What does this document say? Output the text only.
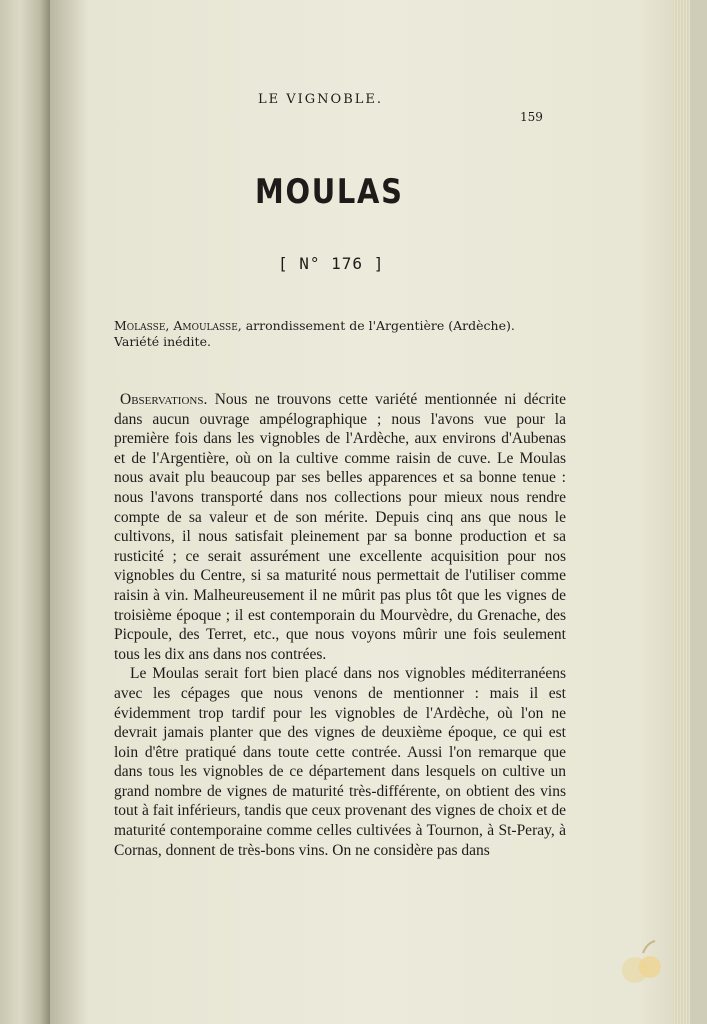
LE VIGNOBLE.
159
MOULAS
[ N° 176 ]
Molasse, Amoulasse, arrondissement de l'Argentière (Ardèche).
Variété inédite.

Observations. Nous ne trouvons cette variété mentionnée ni décrite dans aucun ouvrage ampélographique ; nous l'avons vue pour la première fois dans les vignobles de l'Ardèche, aux environs d'Aubenas et de l'Argentière, où on la cultive comme raisin de cuve. Le Moulas nous avait plu beaucoup par ses belles apparences et sa bonne tenue : nous l'avons transporté dans nos collections pour mieux nous rendre compte de sa valeur et de son mérite. Depuis cinq ans que nous le cultivons, il nous satisfait pleinement par sa bonne production et sa rusticité ; ce serait assurément une excellente acquisition pour nos vignobles du Centre, si sa maturité nous permettait de l'utiliser comme raisin à vin. Malheureusement il ne mûrit pas plus tôt que les vignes de troisième époque ; il est contemporain du Mourvèdre, du Grenache, des Picpoule, des Terret, etc., que nous voyons mûrir une fois seulement tous les dix ans dans nos contrées.

Le Moulas serait fort bien placé dans nos vignobles méditerranéens avec les cépages que nous venons de mentionner : mais il est évidemment trop tardif pour les vignobles de l'Ardèche, où l'on ne devrait jamais planter que des vignes de deuxième époque, ce qui est loin d'être pratiqué dans toute cette contrée. Aussi l'on remarque que dans tous les vignobles de ce département dans lesquels on cultive un grand nombre de vignes de maturité très-différente, on obtient des vins tout à fait inférieurs, tandis que ceux provenant des vignes de choix et de maturité contemporaine comme celles cultivées à Tournon, à St-Peray, à Cornas, donnent de très-bons vins. On ne considère pas dans
